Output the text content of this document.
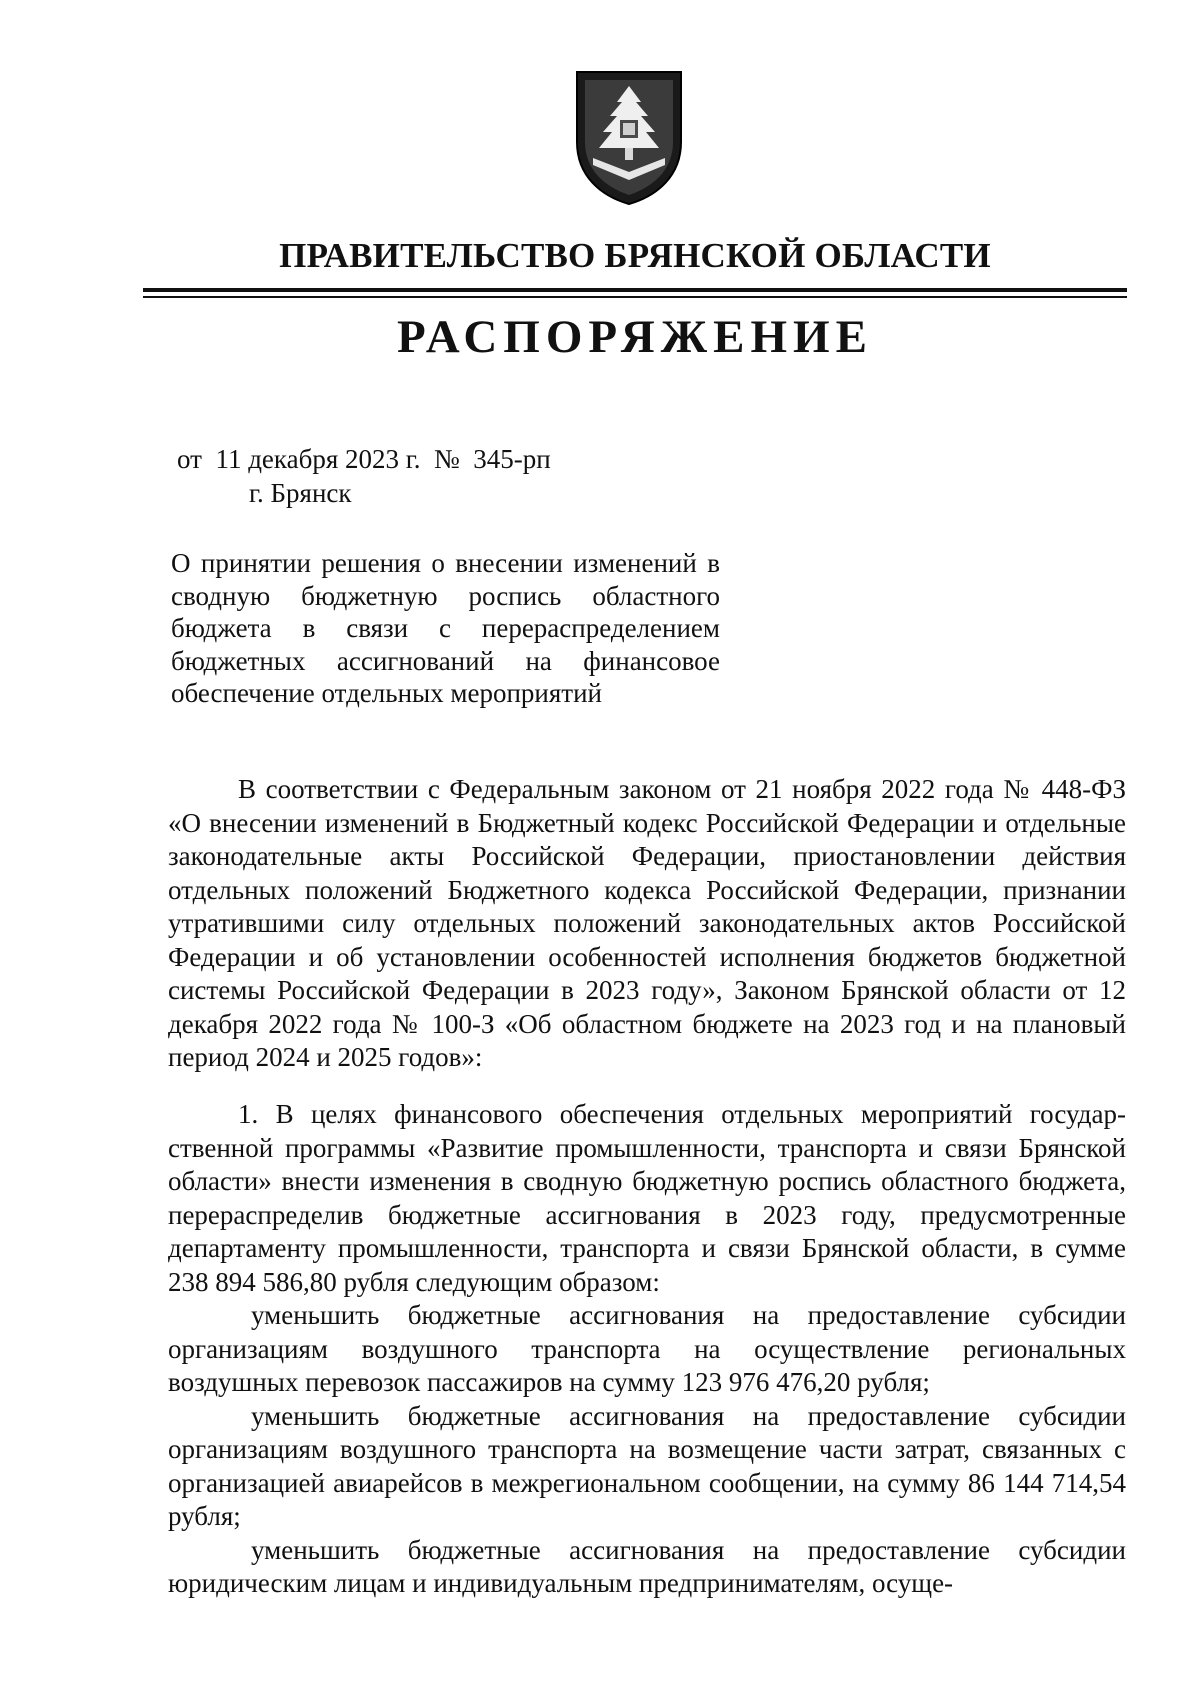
ПРАВИТЕЛЬСТВО БРЯНСКОЙ ОБЛАСТИ
РАСПОРЯЖЕНИЕ
от  11 декабря 2023 г.  №  345-рп
г. Брянск
О принятии решения о внесении изменений в сводную бюджетную роспись областного бюджета в связи с перераспределением бюджетных ассигнований на финансовое обеспечение отдельных мероприятий

В соответствии с Федеральным законом от 21 ноября 2022 года № 448-ФЗ «О внесении изменений в Бюджетный кодекс Российской Федерации и отдельные законодательные акты Российской Федерации, приостановлении действия отдельных положений Бюджетного кодекса Российской Федерации, признании утратившими силу отдельных положений законодательных актов Российской Федерации и об установлении особенностей исполнения бюджетов бюджетной системы Российской Федерации в 2023 году», Законом Брянской области от 12 декабря 2022 года № 100-З «Об областном бюджете на 2023 год и на плановый период 2024 и 2025 годов»:

1. В целях финансового обеспечения отдельных мероприятий государственной программы «Развитие промышленности, транспорта и связи Брянской области» внести изменения в сводную бюджетную роспись областного бюджета, перераспределив бюджетные ассигнования в 2023 году, предусмотренные департаменту промышленности, транспорта и связи Брянской области, в сумме 238 894 586,80 рубля следующим образом:

уменьшить бюджетные ассигнования на предоставление субсидии организациям воздушного транспорта на осуществление региональных воздушных перевозок пассажиров на сумму 123 976 476,20 рубля;

уменьшить бюджетные ассигнования на предоставление субсидии организациям воздушного транспорта на возмещение части затрат, связанных с организацией авиарейсов в межрегиональном сообщении, на сумму 86 144 714,54 рубля;

уменьшить бюджетные ассигнования на предоставление субсидии юридическим лицам и индивидуальным предпринимателям, осуще-
